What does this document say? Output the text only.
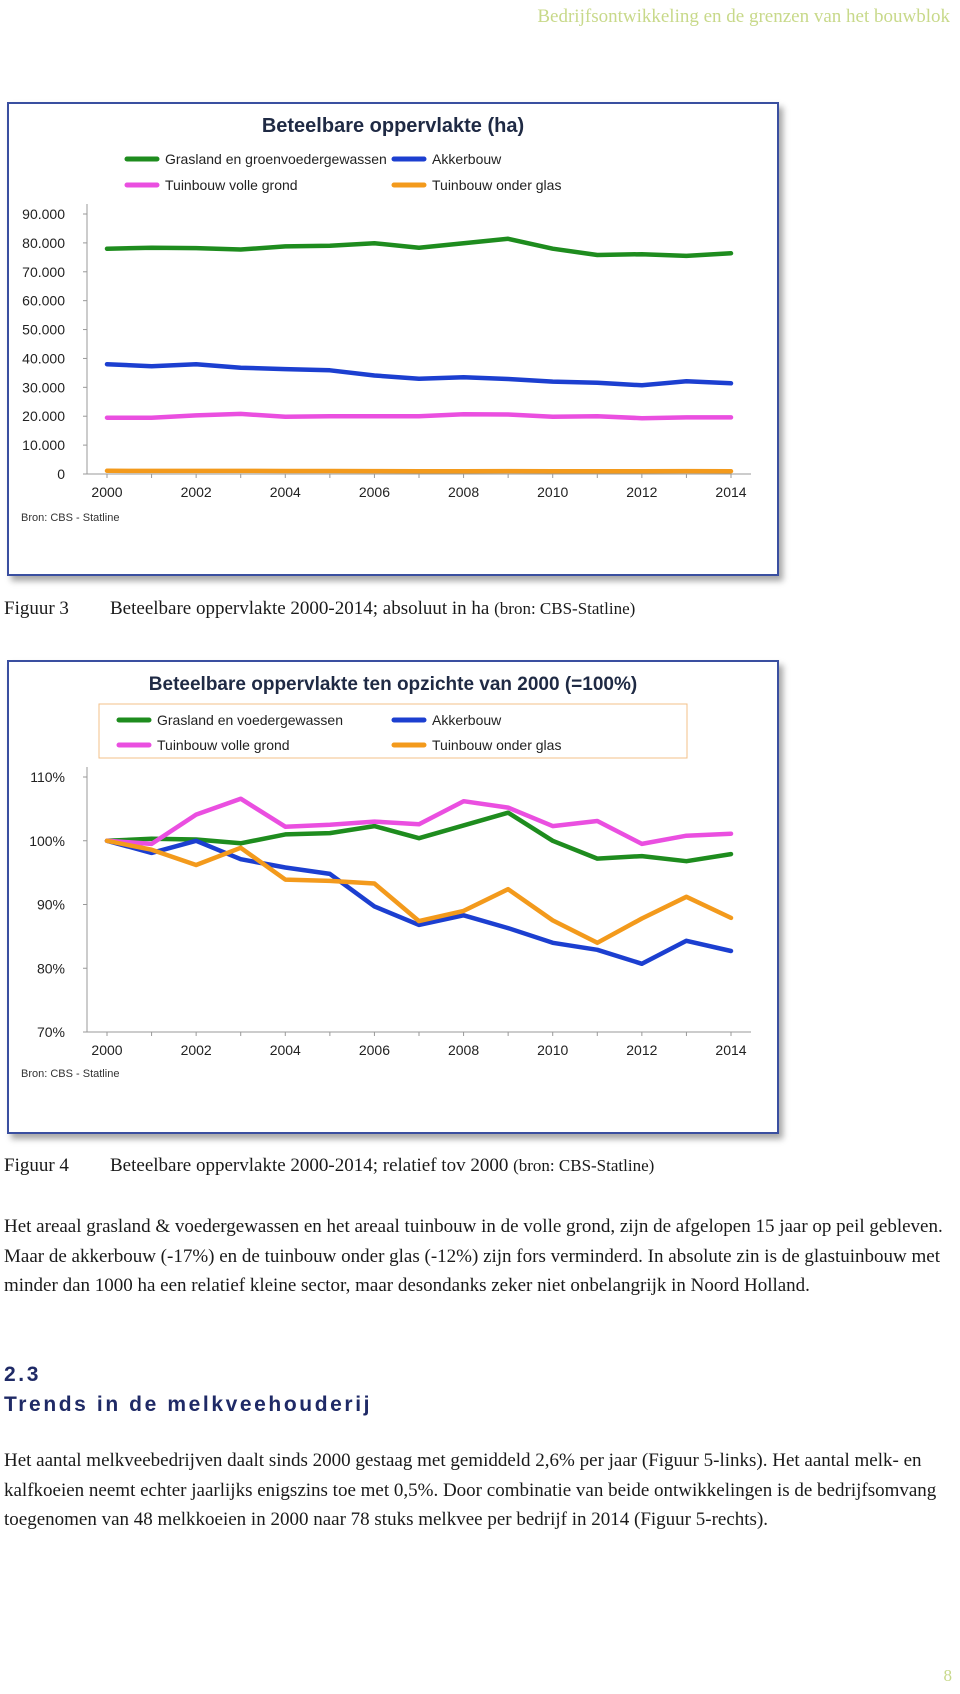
Bedrijfsontwikkeling en de grenzen van het bouwblok
Beteelbare oppervlakte (ha)
Grasland en groenvoedergewassen	Akkerbouw
Tuinbouw volle grond	Tuinbouw onder glas
0
10.000
20.000
30.000
40.000
50.000
60.000
70.000
80.000
90.000
2000	2002	2004	2006	2008	2010	2012	2014
Bron: CBS - Statline
Figuur 3 Beteelbare oppervlakte 2000-2014; absoluut in ha (bron: CBS-Statline)
Beteelbare oppervlakte ten opzichte van 2000 (=100%)
Grasland en voedergewassen	Akkerbouw
Tuinbouw volle grond	Tuinbouw onder glas
70%
80%
90%
100%
110%
2000	2002	2004	2006	2008	2010	2012	2014
Bron: CBS - Statline
Figuur 4 Beteelbare oppervlakte 2000-2014; relatief tov 2000 (bron: CBS-Statline)
Het areaal grasland & voedergewassen en het areaal tuinbouw in de volle grond, zijn de afgelopen 15 jaar op peil gebleven. Maar de akkerbouw (-17%) en de tuinbouw onder glas (-12%) zijn fors verminderd. In absolute zin is de glastuinbouw met minder dan 1000 ha een relatief kleine sector, maar desondanks zeker niet onbelangrijk in Noord Holland.
2.3
Trends in de melkveehouderij
Het aantal melkveebedrijven daalt sinds 2000 gestaag met gemiddeld 2,6% per jaar (Figuur 5-links). Het aantal melk- en kalfkoeien neemt echter jaarlijks enigszins toe met 0,5%. Door combinatie van beide ontwikkelingen is de bedrijfsomvang toegenomen van 48 melkkoeien in 2000 naar 78 stuks melkvee per bedrijf in 2014 (Figuur 5-rechts).
8
